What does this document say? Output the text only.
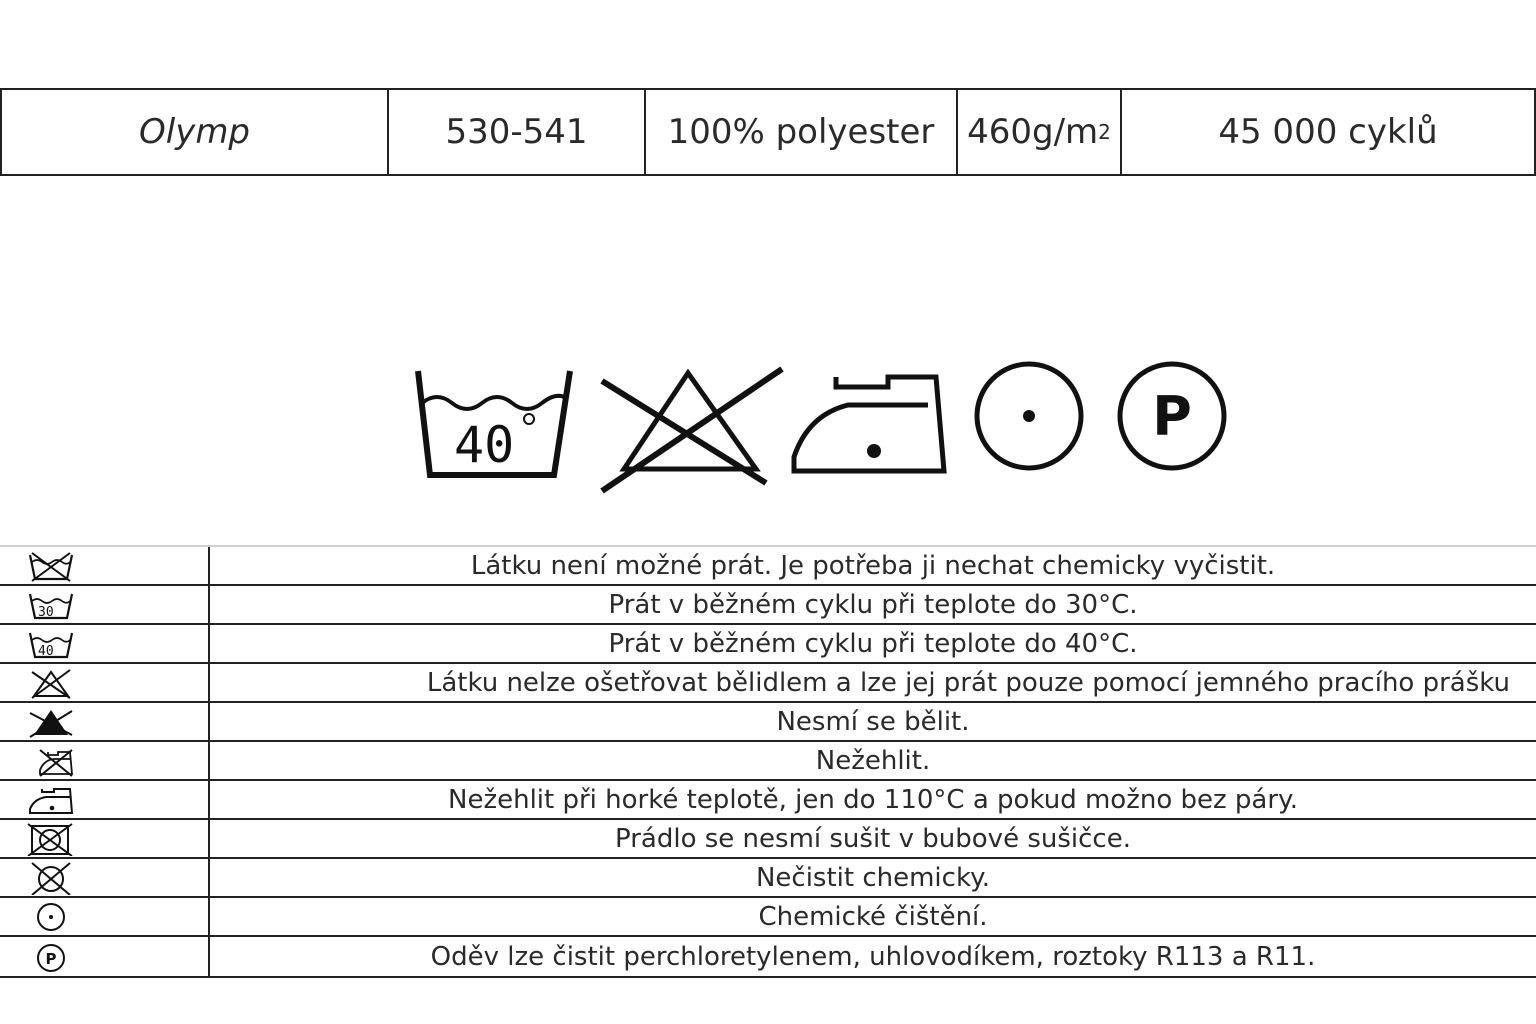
Olymp	530-541	100% polyester 460g/m 2	45 000 cyklů
40	P
Látku není možné prát. Je potřeba ji nechat chemicky vyčistit.
30	Prát v běžném cyklu při teplote do 30°C.
40	Prát v běžném cyklu při teplote do 40°C.
Látku nelze ošetřovat bělidlem a lze jej prát pouze pomocí jemného pracího prášku
Nesmí se bělit.
Nežehlit.
Nežehlit při horké teplotě, jen do 110°C a pokud možno bez páry.
Prádlo se nesmí sušit v bubové sušičce.
Nečistit chemicky.
Chemické čištění.
P	Oděv lze čistit perchloretylenem, uhlovodíkem, roztoky R113 a R11.
